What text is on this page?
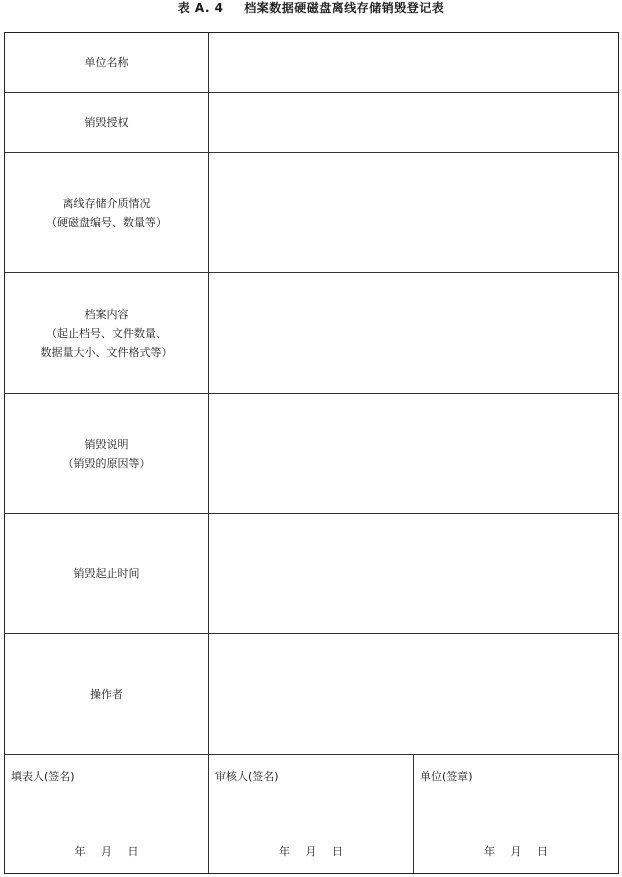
表 A. 4 档案数据硬磁盘离线存储销毁登记表
单位名称
销毁授权
离线存储介质情况
（硬磁盘编号、数量等）
档案内容
（起止档号、文件数量、
数据量大小、文件格式等）
销毁说明
（销毁的原因等）
销毁起止时间
操作者
填表人(签名)
年 月 日
审核人(签名)
年 月 日
单位(签章)
年 月 日
